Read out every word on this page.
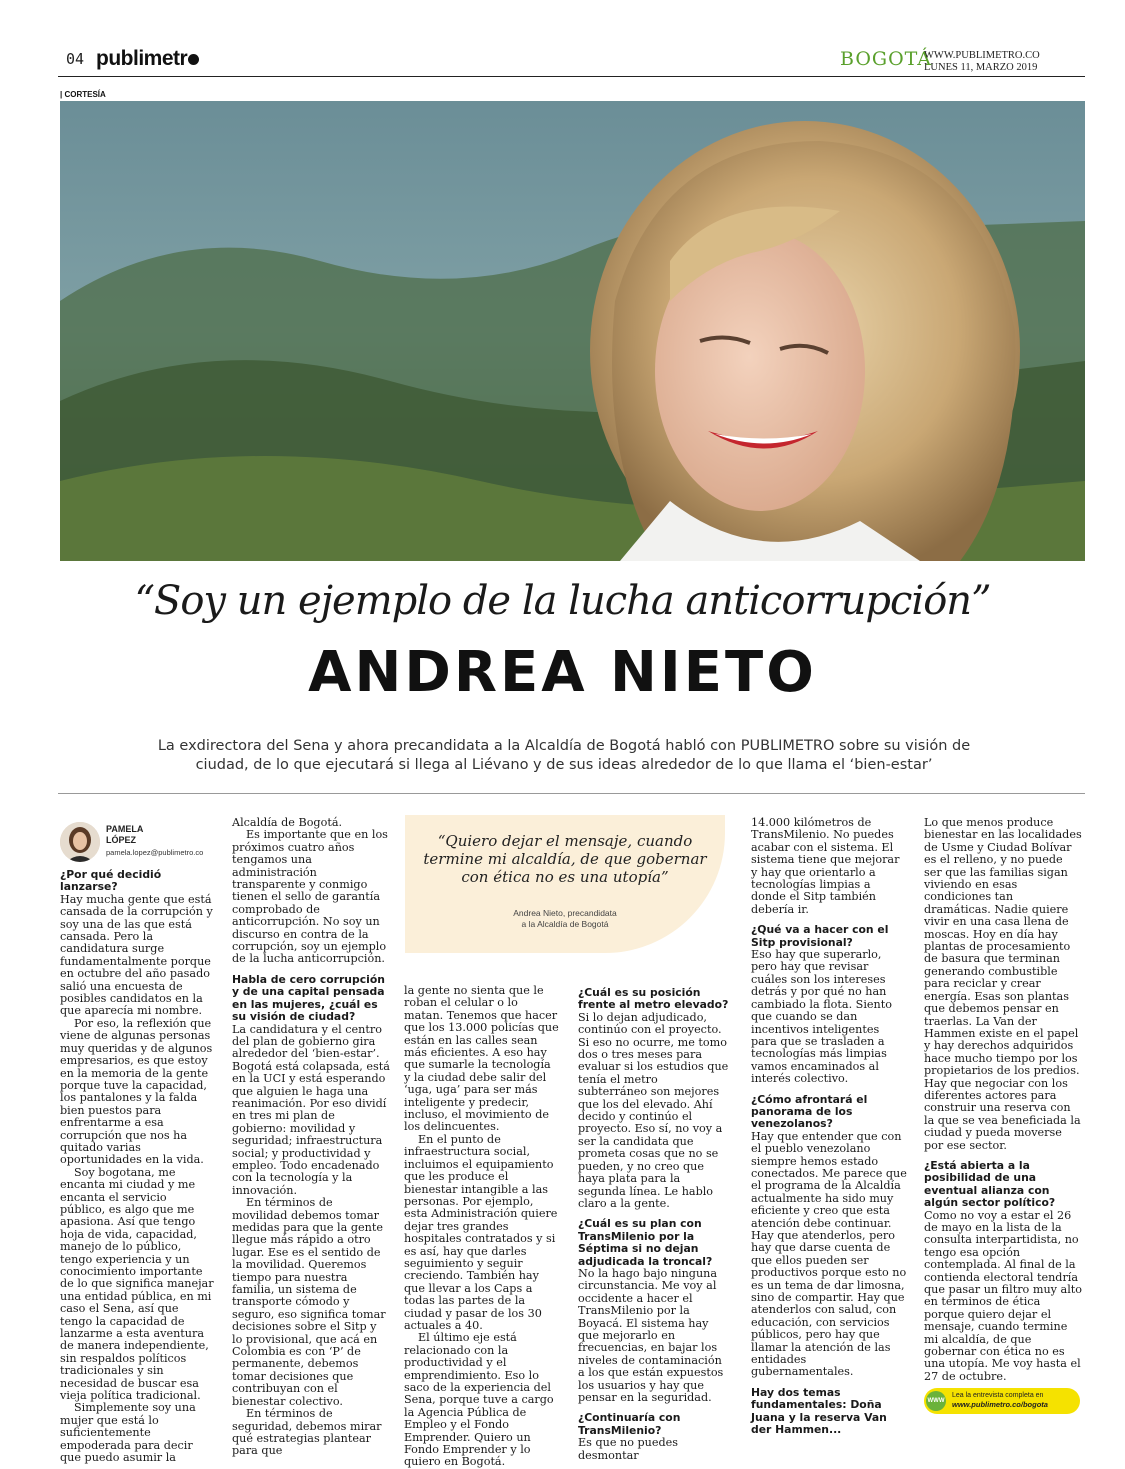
04 publimetr	BOGOTÁ
WWW.PUBLIMETRO.CO
LUNES 11, MARZO 2019
| CORTESÍA
“Soy un ejemplo de la lucha anticorrupción”
ANDREA NIETO
La exdirectora del Sena y ahora precandidata a la Alcaldía de Bogotá habló con PUBLIMETRO sobre su visión de ciudad, de lo que ejecutará si llega al Liévano y de sus ideas alrededor de lo que llama el ‘bien-estar’
PAMELA
LÓPEZ
pamela.lopez@publimetro.co

¿Por qué decidió lanzarse?

Hay mucha gente que está cansada de la corrupción y soy una de las que está cansada. Pero la candidatura surge fundamentalmente porque en octubre del año pasado salió una encuesta de posibles candidatos en la que aparecía mi nombre.

Por eso, la reflexión que viene de algunas personas muy queridas y de algunos empresarios, es que estoy en la memoria de la gente porque tuve la capacidad, los pantalones y la falda bien puestos para enfrentarme a esa corrupción que nos ha quitado varias oportunidades en la vida.

Soy bogotana, me encanta mi ciudad y me encanta el servicio público, es algo que me apasiona. Así que tengo hoja de vida, capacidad, manejo de lo público, tengo experiencia y un conocimiento importante de lo que significa manejar una entidad pública, en mi caso el Sena, así que tengo la capacidad de lanzarme a esta aventura de manera independiente, sin respaldos políticos tradicionales y sin necesidad de buscar esa vieja política tradicional.

Simplemente soy una mujer que está lo suficientemente empoderada para decir que puedo asumir la

Alcaldía de Bogotá.

Es importante que en los próximos cuatro años tengamos una administración transparente y conmigo tienen el sello de garantía comprobado de anticorrupción. No soy un discurso en contra de la corrupción, soy un ejemplo de la lucha anticorrupción.

Habla de cero corrupción y de una capital pensada en las mujeres, ¿cuál es su visión de ciudad?

La candidatura y el centro del plan de gobierno gira alrededor del ‘bien-estar’. Bogotá está colapsada, está en la UCI y está esperando que alguien le haga una reanimación. Por eso dividí en tres mi plan de gobierno: movilidad y seguridad; infraestructura social; y productividad y empleo. Todo encadenado con la tecnología y la innovación.

En términos de movilidad debemos tomar medidas para que la gente llegue más rápido a otro lugar. Ese es el sentido de la movilidad. Queremos tiempo para nuestra familia, un sistema de transporte cómodo y seguro, eso significa tomar decisiones sobre el Sitp y lo provisional, que acá en Colombia es con ‘P’ de permanente, debemos tomar decisiones que contribuyan con el bienestar colectivo.

En términos de seguridad, debemos mirar qué estrategias plantear para que

“Quiero dejar el mensaje, cuando termine mi alcaldía, de que gobernar con ética no es una utopía”
Andrea Nieto, precandidata
a la Alcaldía de Bogotá

la gente no sienta que le roban el celular o lo matan. Tenemos que hacer que los 13.000 policías que están en las calles sean más eficientes. A eso hay que sumarle la tecnología y la ciudad debe salir del ‘uga, uga’ para ser más inteligente y predecir, incluso, el movimiento de los delincuentes.

En el punto de infraestructura social, incluimos el equipamiento que les produce el bienestar intangible a las personas. Por ejemplo, esta Administración quiere dejar tres grandes hospitales contratados y si es así, hay que darles seguimiento y seguir creciendo. También hay que llevar a los Caps a todas las partes de la ciudad y pasar de los 30 actuales a 40.

El último eje está relacionado con la productividad y el emprendimiento. Eso lo saco de la experiencia del Sena, porque tuve a cargo la Agencia Pública de Empleo y el Fondo Emprender. Quiero un Fondo Emprender y lo quiero en Bogotá.

¿Cuál es su posición frente al metro elevado?

Si lo dejan adjudicado, continúo con el proyecto. Si eso no ocurre, me tomo dos o tres meses para evaluar si los estudios que tenía el metro subterráneo son mejores que los del elevado. Ahí decido y continúo el proyecto. Eso sí, no voy a ser la candidata que prometa cosas que no se pueden, y no creo que haya plata para la segunda línea. Le hablo claro a la gente.

¿Cuál es su plan con TransMilenio por la Séptima si no dejan adjudicada la troncal?

No la hago bajo ninguna circunstancia. Me voy al occidente a hacer el TransMilenio por la Boyacá. El sistema hay que mejorarlo en frecuencias, en bajar los niveles de contaminación a los que están expuestos los usuarios y hay que pensar en la seguridad.

¿Continuaría con TransMilenio?

Es que no puedes desmontar

14.000 kilómetros de TransMilenio. No puedes acabar con el sistema. El sistema tiene que mejorar y hay que orientarlo a tecnologías limpias a donde el Sitp también debería ir.

¿Qué va a hacer con el Sitp provisional?

Eso hay que superarlo, pero hay que revisar cuáles son los intereses detrás y por qué no han cambiado la flota. Siento que cuando se dan incentivos inteligentes para que se trasladen a tecnologías más limpias vamos encaminados al interés colectivo.

¿Cómo afrontará el panorama de los venezolanos?

Hay que entender que con el pueblo venezolano siempre hemos estado conectados. Me parece que el programa de la Alcaldía actualmente ha sido muy eficiente y creo que esta atención debe continuar. Hay que atenderlos, pero hay que darse cuenta de que ellos pueden ser productivos porque esto no es un tema de dar limosna, sino de compartir. Hay que atenderlos con salud, con educación, con servicios públicos, pero hay que llamar la atención de las entidades gubernamentales.

Hay dos temas fundamentales: Doña Juana y la reserva Van der Hammen...

Lo que menos produce bienestar en las localidades de Usme y Ciudad Bolívar es el relleno, y no puede ser que las familias sigan viviendo en esas condiciones tan dramáticas. Nadie quiere vivir en una casa llena de moscas. Hoy en día hay plantas de procesamiento de basura que terminan generando combustible para reciclar y crear energía. Esas son plantas que debemos pensar en traerlas. La Van der Hammen existe en el papel y hay derechos adquiridos hace mucho tiempo por los propietarios de los predios. Hay que negociar con los diferentes actores para construir una reserva con la que se vea beneficiada la ciudad y pueda moverse por ese sector.

¿Está abierta a la posibilidad de una eventual alianza con algún sector político?

Como no voy a estar el 26 de mayo en la lista de la consulta interpartidista, no tengo esa opción contemplada. Al final de la contienda electoral tendría que pasar un filtro muy alto en términos de ética porque quiero dejar el mensaje, cuando termine mi alcaldía, de que gobernar con ética no es una utopía. Me voy hasta el 27 de octubre.

WWW
Lea la entrevista completa en
www.publimetro.co/bogota
